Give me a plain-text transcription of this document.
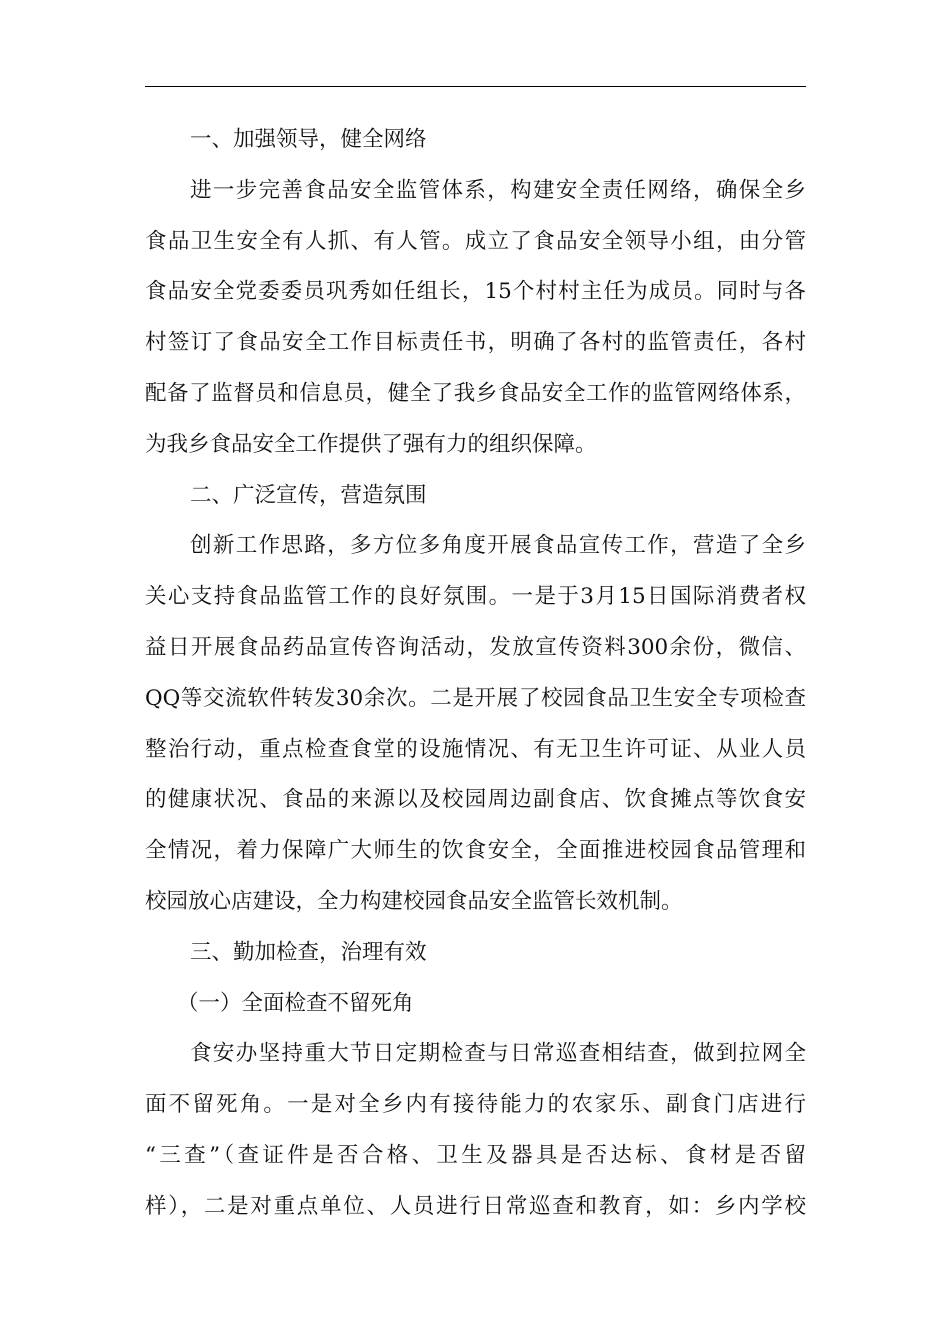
一、加强领导，健全网络
进一步完善食品安全监管体系，构建安全责任网络，确保全乡
食品卫生安全有人抓、有人管。成立了食品安全领导小组，由分管
食品安全党委委员巩秀如任组长，15个村村主任为成员。同时与各
村签订了食品安全工作目标责任书，明确了各村的监管责任，各村
配备了监督员和信息员，健全了我乡食品安全工作的监管网络体系，
为我乡食品安全工作提供了强有力的组织保障。
二、广泛宣传，营造氛围
创新工作思路，多方位多角度开展食品宣传工作，营造了全乡
关心支持食品监管工作的良好氛围。一是于3月15日国际消费者权
益日开展食品药品宣传咨询活动，发放宣传资料300余份，微信、
QQ等交流软件转发30余次。二是开展了校园食品卫生安全专项检查
整治行动，重点检查食堂的设施情况、有无卫生许可证、从业人员
的健康状况、食品的来源以及校园周边副食店、饮食摊点等饮食安
全情况，着力保障广大师生的饮食安全，全面推进校园食品管理和
校园放心店建设，全力构建校园食品安全监管长效机制。
三、勤加检查，治理有效
（一）全面检查不留死角
食安办坚持重大节日定期检查与日常巡查相结查，做到拉网全
面不留死角。一是对全乡内有接待能力的农家乐、副食门店进行
“三查”（查证件是否合格、卫生及器具是否达标、食材是否留
样），二是对重点单位、人员进行日常巡查和教育，如：乡内学校
